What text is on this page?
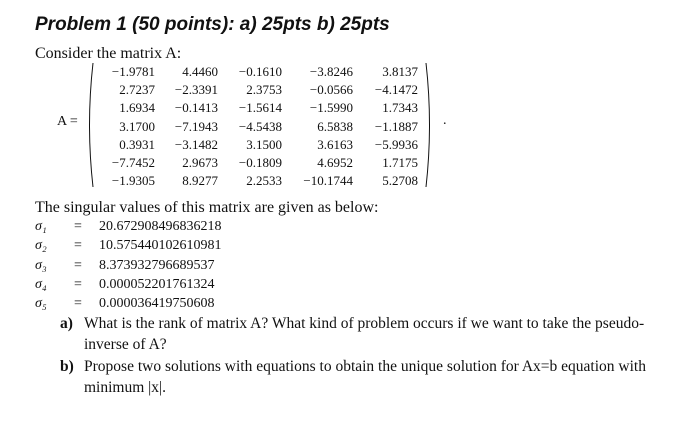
Problem 1 (50 points): a) 25pts b) 25pts
Consider the matrix A:
A =
−1.9781	4.4460	−0.1610	−3.8246	3.8137
2.7237	−2.3391	2.3753	−0.0566	−4.1472
1.6934	−0.1413	−1.5614	−1.5990	1.7343
3.1700	−7.1943	−4.5438	6.5838	−1.1887
0.3931	−3.1482	3.1500	3.6163	−5.9936
−7.7452	2.9673	−0.1809	4.6952	1.7175
−1.9305	8.9277	2.2533	−10.1744	5.2708
.
The singular values of this matrix are given as below:
σ₁	=	20.672908496836218
σ₂	=	10.575440102610981
σ₃	=	8.373932796689537
σ₄	=	0.000052201761324
σ₅	=	0.000036419750608
a) What is the rank of matrix A? What kind of problem occurs if we want to take the pseudo-inverse of A?
b) Propose two solutions with equations to obtain the unique solution for Ax=b equation with minimum |x|.
